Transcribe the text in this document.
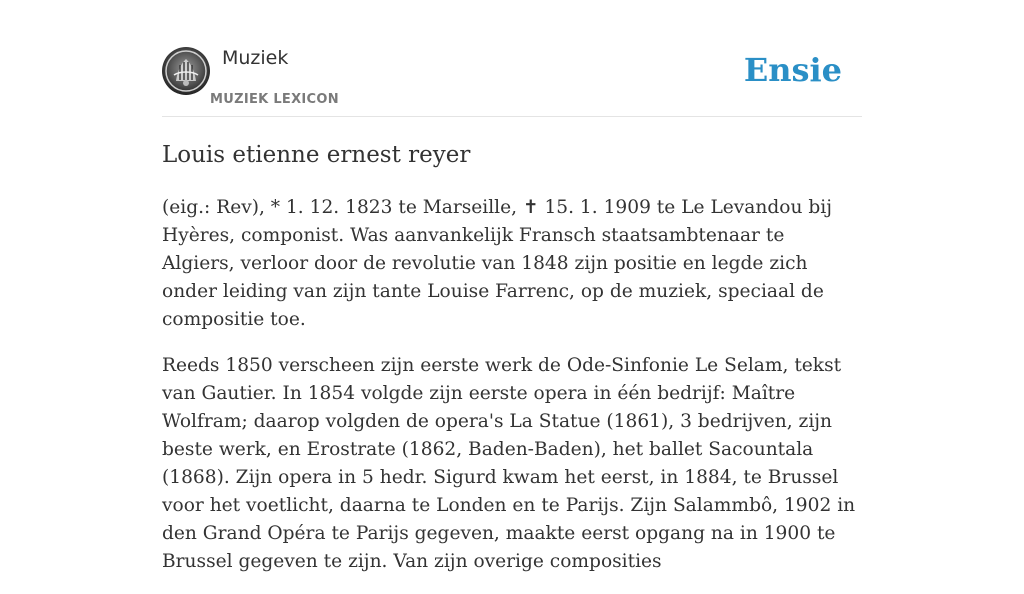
Muziek
MUZIEK LEXICON
Ensie
Louis etienne ernest reyer

(eig.: Rev), * 1. 12. 1823 te Marseille, ✝ 15. 1. 1909 te Le Levandou bij Hyères, componist. Was aanvankelijk Fransch staatsambtenaar te Algiers, verloor door de revolutie van 1848 zijn positie en legde zich onder leiding van zijn tante Louise Farrenc, op de muziek, speciaal de compositie toe.

Reeds 1850 verscheen zijn eerste werk de Ode-Sinfonie Le Selam, tekst van Gautier. In 1854 volgde zijn eerste opera in één bedrijf: Maître Wolfram; daarop volgden de opera's La Statue (1861), 3 bedrijven, zijn beste werk, en Erostrate (1862, Baden-Baden), het ballet Sacountala (1868). Zijn opera in 5 hedr. Sigurd kwam het eerst, in 1884, te Brussel voor het voetlicht, daarna te Londen en te Parijs. Zijn Salammbô, 1902 in den Grand Opéra te Parijs gegeven, maakte eerst opgang na in 1900 te Brussel gegeven te zijn. Van zijn overige composities
